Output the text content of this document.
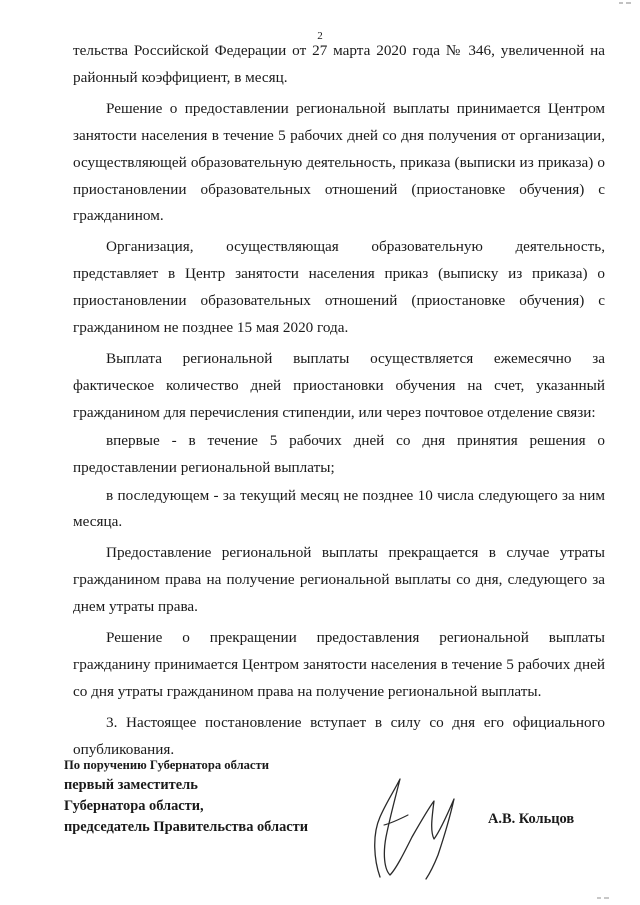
2

тельства Российской Федерации от 27 марта 2020 года № 346, увеличенной на районный коэффициент, в месяц.

Решение о предоставлении региональной выплаты принимается Центром занятости населения в течение 5 рабочих дней со дня получения от организации, осуществляющей образовательную деятельность, приказа (выписки из приказа) о приостановлении образовательных отношений (приостановке обучения) с гражданином.

Организация, осуществляющая образовательную деятельность, представляет в Центр занятости населения приказ (выписку из приказа) о приостановлении образовательных отношений (приостановке обучения) с гражданином не позднее 15 мая 2020 года.

Выплата региональной выплаты осуществляется ежемесячно за фактическое количество дней приостановки обучения на счет, указанный гражданином для перечисления стипендии, или через почтовое отделение связи:

впервые - в течение 5 рабочих дней со дня принятия решения о предоставлении региональной выплаты;

в последующем - за текущий месяц не позднее 10 числа следующего за ним месяца.

Предоставление региональной выплаты прекращается в случае утраты гражданином права на получение региональной выплаты со дня, следующего за днем утраты права.

Решение о прекращении предоставления региональной выплаты гражданину принимается Центром занятости населения в течение 5 рабочих дней со дня утраты гражданином права на получение региональной выплаты.

3. Настоящее постановление вступает в силу со дня его официального опубликования.

По поручению Губернатора области
первый заместитель
Губернатора области,
председатель Правительства области	А.В. Кольцов
